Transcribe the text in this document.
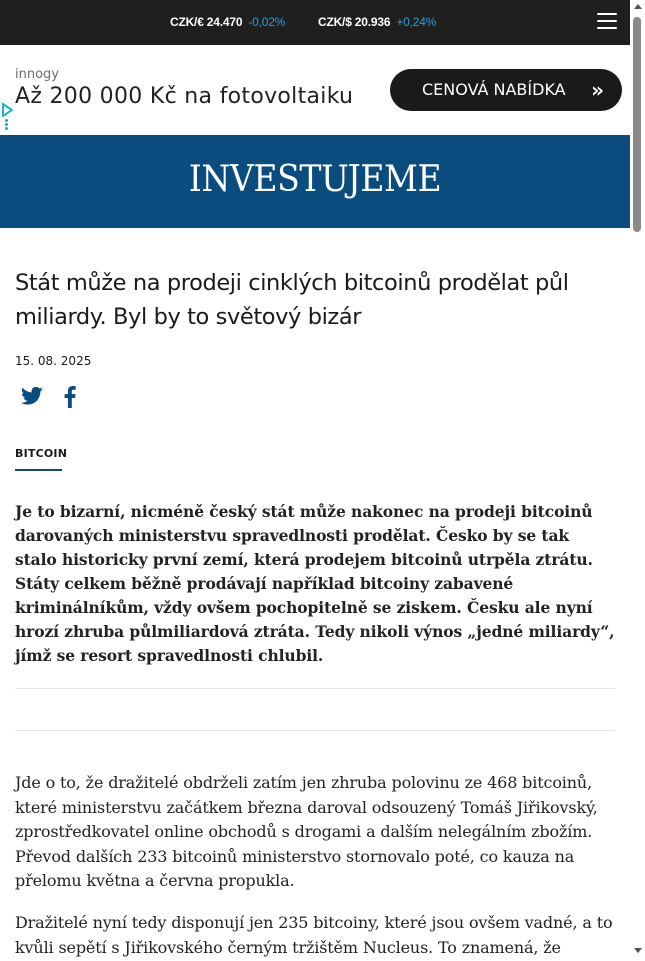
CZK/€ 24.470 -0,02%	CZK/$ 20.936 +0,24%
innogy
Až 200 000 Kč na fotovoltaiku	CENOVÁ NABÍDKA »
INVESTUJEME
Stát může na prodeji cinklých bitcoinů prodělat půl miliardy. Byl by to světový bizár
15. 08. 2025
BITCOIN

Je to bizarní, nicméně český stát může nakonec na prodeji bitcoinů darovaných ministerstvu spravedlnosti prodělat. Česko by se tak stalo historicky první zemí, která prodejem bitcoinů utrpěla ztrátu. Státy celkem běžně prodávají například bitcoiny zabavené kriminálníkům, vždy ovšem pochopitelně se ziskem. Česku ale nyní hrozí zhruba půlmiliardová ztráta. Tedy nikoli výnos „jedné miliardy“, jímž se resort spravedlnosti chlubil.

Jde o to, že dražitelé obdrželi zatím jen zhruba polovinu ze 468 bitcoinů, které ministerstvu začátkem března daroval odsouzený Tomáš Jiřikovský, zprostředkovatel online obchodů s drogami a dalším nelegálním zbožím. Převod dalších 233 bitcoinů ministerstvo stornovalo poté, co kauza na přelomu května a června propukla.

Dražitelé nyní tedy disponují jen 235 bitcoiny, které jsou ovšem vadné, a to kvůli sepětí s Jiřikovského černým tržištěm Nucleus. To znamená, že
